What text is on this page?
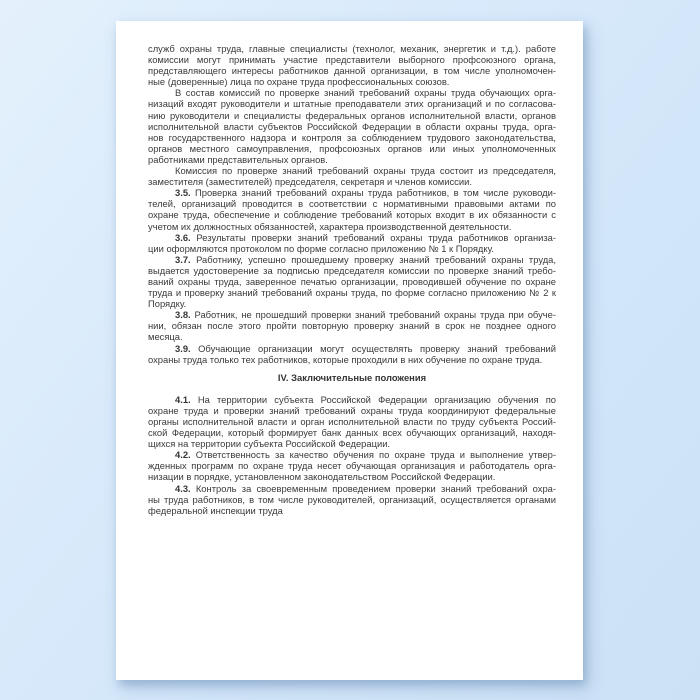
служб охраны труда, главные специалисты (технолог, механик, энергетик и т.д.). работе
комиссии могут принимать участие представители выборного профсоюзного органа,
представляющего интересы работников данной организации, в том числе уполномочен-
ные (доверенные) лица по охране труда профессиональных союзов.
В состав комиссий по проверке знаний требований охраны труда обучающих орга-
низаций входят руководители и штатные преподаватели этих организаций и по согласова-
нию руководители и специалисты федеральных органов исполнительной власти, органов
исполнительной власти субъектов Российской Федерации в области охраны труда, орга-
нов государственного надзора и контроля за соблюдением трудового законодательства,
органов местного самоуправления, профсоюзных органов или иных уполномоченных
работниками представительных органов.
Комиссия по проверке знаний требований охраны труда состоит из председателя,
заместителя (заместителей) председателя, секретаря и членов комиссии.
3.5. Проверка знаний требований охраны труда работников, в том числе руководи-
телей, организаций проводится в соответствии с нормативными правовыми актами по
охране труда, обеспечение и соблюдение требований которых входит в их обязанности с
учетом их должностных обязанностей, характера производственной деятельности.
3.6. Результаты проверки знаний требований охраны труда работников организа-
ции оформляются протоколом по форме согласно приложению № 1 к Порядку.
3.7. Работнику, успешно прошедшему проверку знаний требований охраны труда,
выдается удостоверение за подписью председателя комиссии по проверке знаний требо-
ваний охраны труда, заверенное печатью организации, проводившей обучение по охране
труда и проверку знаний требований охраны труда, по форме согласно приложению № 2 к
Порядку.
3.8. Работник, не прошедший проверки знаний требований охраны труда при обуче-
нии, обязан после этого пройти повторную проверку знаний в срок не позднее одного
месяца.
3.9. Обучающие организации могут осуществлять проверку знаний требований
охраны труда только тех работников, которые проходили в них обучение по охране труда.
IV. Заключительные положения
4.1. На территории субъекта Российской Федерации организацию обучения по
охране труда и проверки знаний требований охраны труда координируют федеральные
органы исполнительной власти и орган исполнительной власти по труду субъекта Россий-
ской Федерации, который формирует банк данных всех обучающих организаций, находя-
щихся на территории субъекта Российской Федерации.
4.2. Ответственность за качество обучения по охране труда и выполнение утвер-
жденных программ по охране труда несет обучающая организация и работодатель орга-
низации в порядке, установленном законодательством Российской Федерации.
4.3. Контроль за своевременным проведением проверки знаний требований охра-
ны труда работников, в том числе руководителей, организаций, осуществляется органами
федеральной инспекции труда
